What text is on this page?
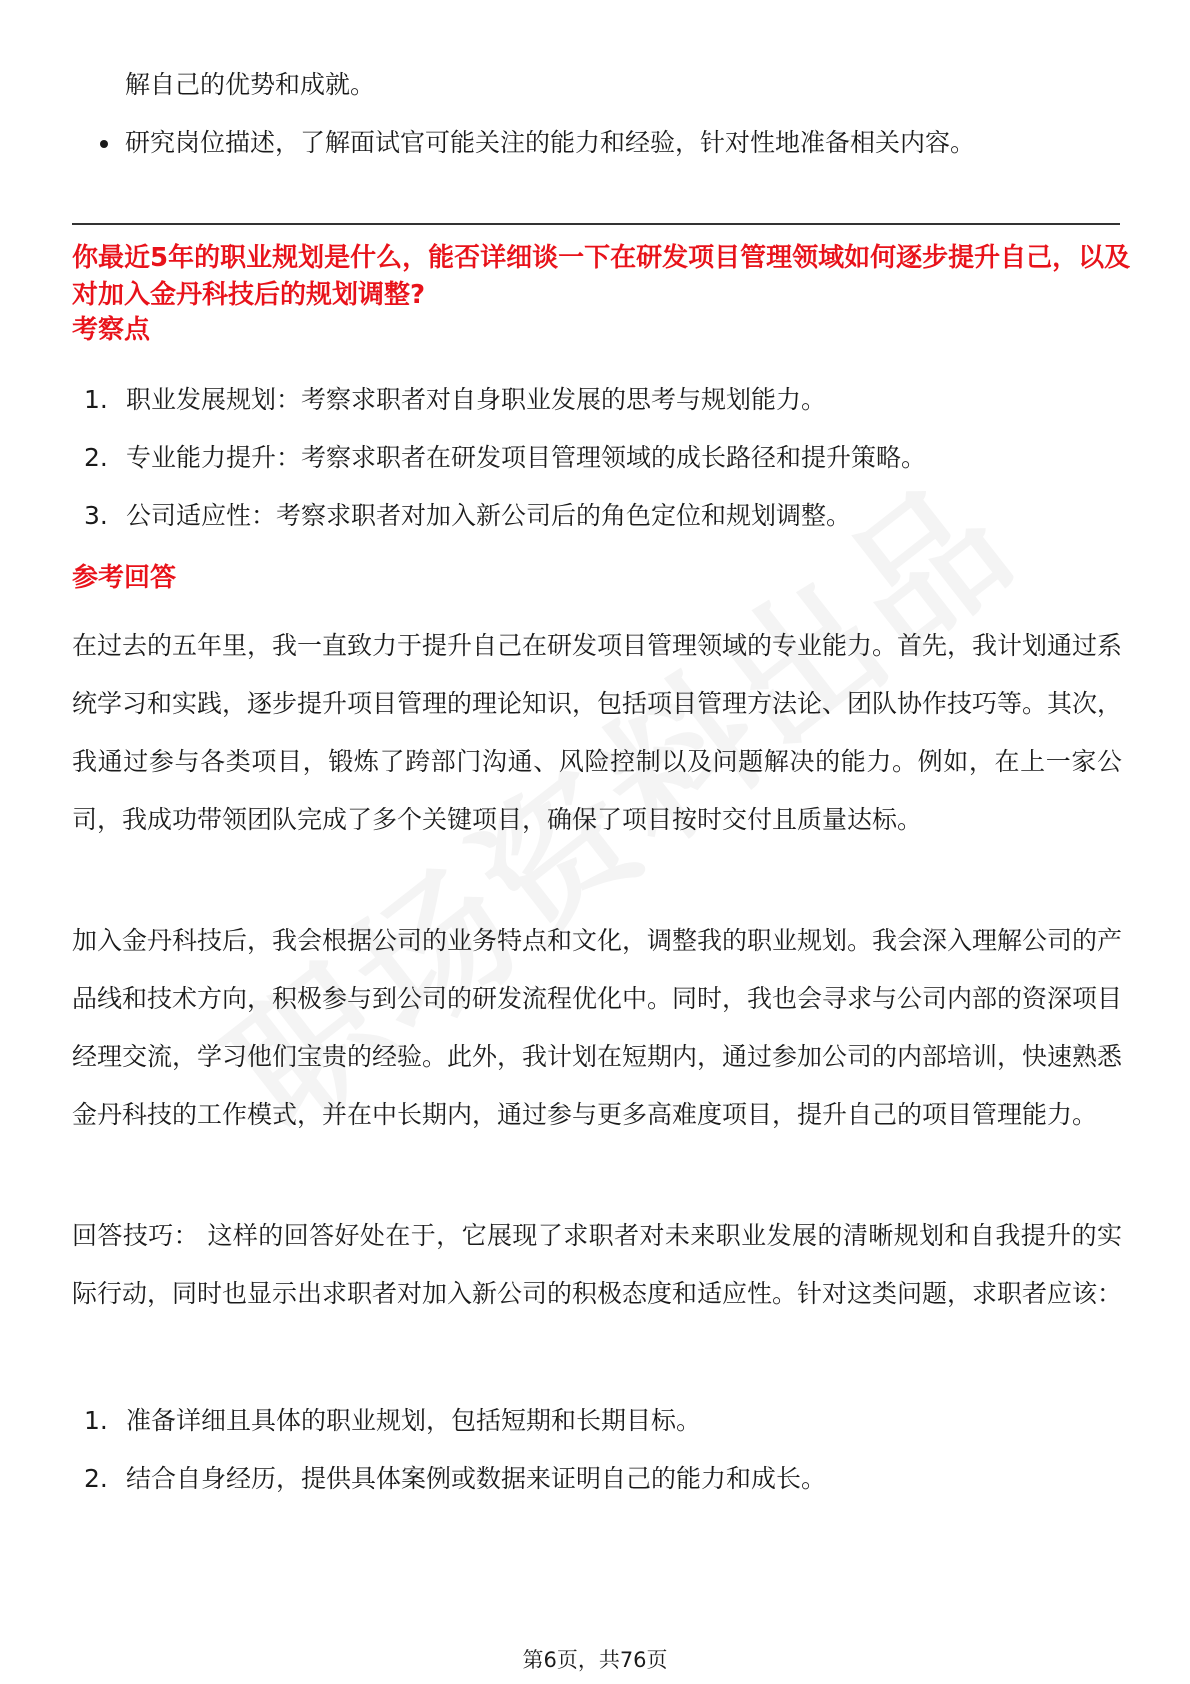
解自己的优势和成就。
研究岗位描述，了解面试官可能关注的能力和经验，针对性地准备相关内容。
你最近5年的职业规划是什么，能否详细谈一下在研发项目管理领域如何逐步提升自己，以及对加入金丹科技后的规划调整?
考察点
1. 职业发展规划：考察求职者对自身职业发展的思考与规划能力。
2. 专业能力提升：考察求职者在研发项目管理领域的成长路径和提升策略。
3. 公司适应性：考察求职者对加入新公司后的角色定位和规划调整。
参考回答

在过去的五年里，我一直致力于提升自己在研发项目管理领域的专业能力。首先，我计划通过系统学习和实践，逐步提升项目管理的理论知识，包括项目管理方法论、团队协作技巧等。其次，我通过参与各类项目，锻炼了跨部门沟通、风险控制以及问题解决的能力。例如，在上一家公司，我成功带领团队完成了多个关键项目，确保了项目按时交付且质量达标。

加入金丹科技后，我会根据公司的业务特点和文化，调整我的职业规划。我会深入理解公司的产品线和技术方向，积极参与到公司的研发流程优化中。同时，我也会寻求与公司内部的资深项目经理交流，学习他们宝贵的经验。此外，我计划在短期内，通过参加公司的内部培训，快速熟悉金丹科技的工作模式，并在中长期内，通过参与更多高难度项目，提升自己的项目管理能力。

回答技巧： 这样的回答好处在于，它展现了求职者对未来职业发展的清晰规划和自我提升的实际行动，同时也显示出求职者对加入新公司的积极态度和适应性。针对这类问题，求职者应该：

1. 准备详细且具体的职业规划，包括短期和长期目标。
2. 结合自身经历，提供具体案例或数据来证明自己的能力和成长。
第6页，共76页
